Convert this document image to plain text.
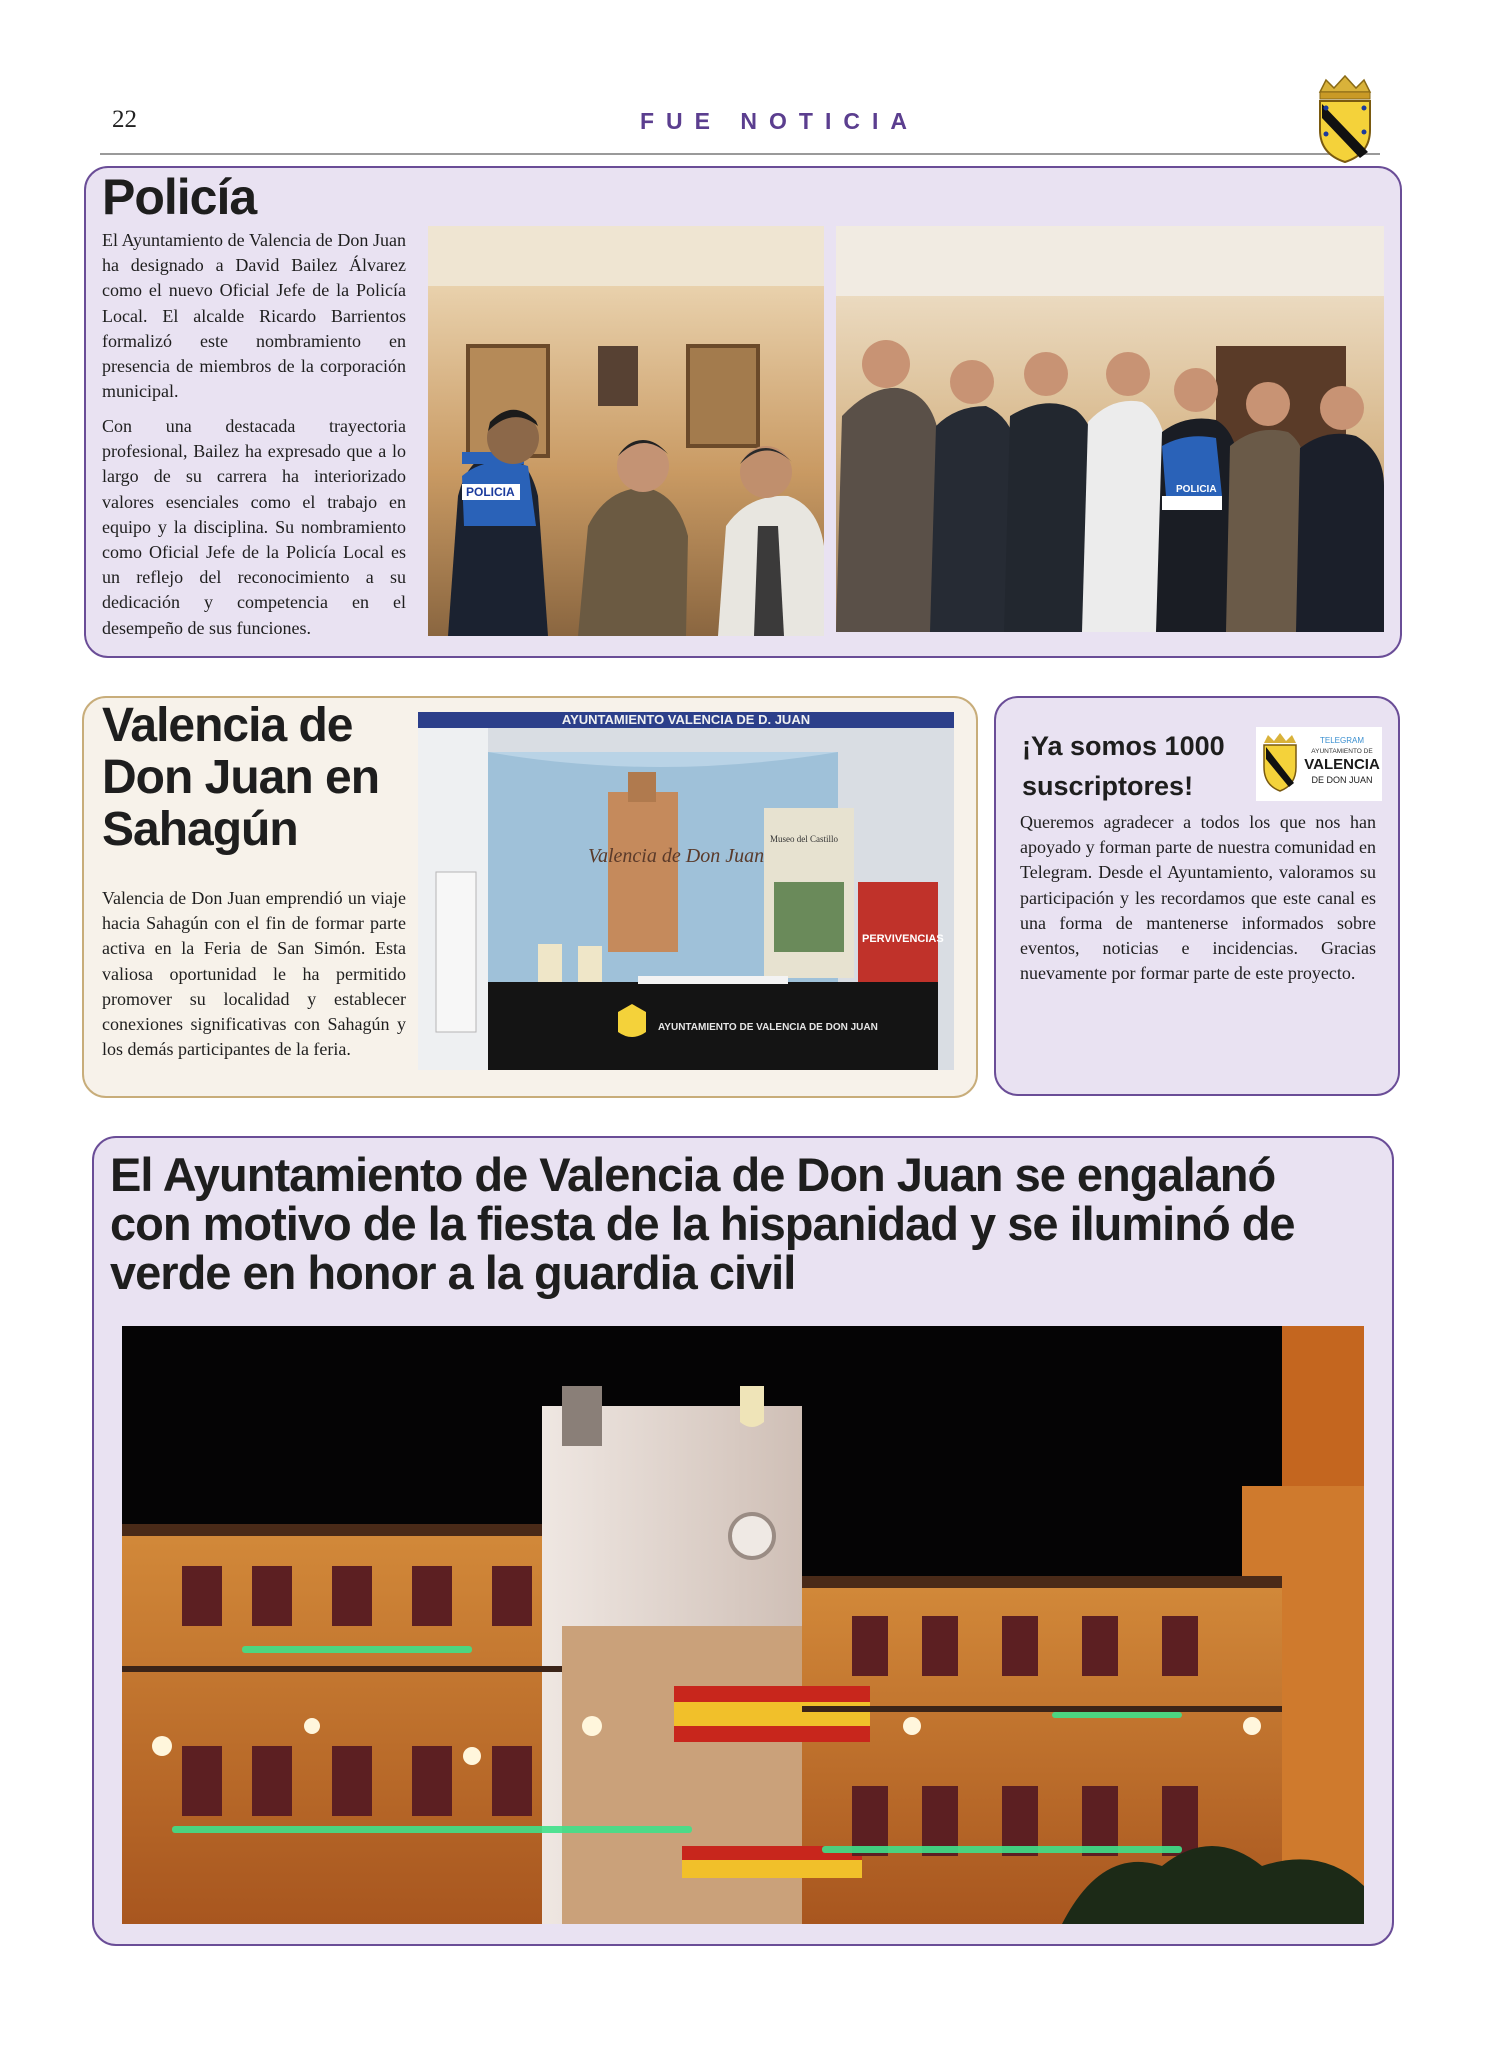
22	FUE NOTICIA
Policía

El Ayuntamiento de Valencia de Don Juan ha designado a David Bailez Álvarez como el nuevo Oficial Jefe de la Policía Local. El alcalde Ricardo Barrientos formalizó este nombramiento en presencia de miembros de la corporación municipal.

Con una destacada trayectoria profesional, Bailez ha expresado que a lo largo de su carrera ha interiorizado valores esenciales como el trabajo en equipo y la disciplina. Su nombramiento como Oficial Jefe de la Policía Local es un reflejo del reconocimiento a su dedicación y competencia en el desempeño de sus funciones.

POLICIA	POLICIA
Valencia de
Don Juan en
Sahagún

Valencia de Don Juan emprendió un viaje hacia Sahagún con el fin de formar parte activa en la Feria de San Simón. Esta valiosa oportunidad le ha permitido promover su localidad y establecer conexiones significativas con Sahagún y los demás participantes de la feria.

AYUNTAMIENTO VALENCIA DE D. JUAN
Valencia de Don Juan
Museo del Castillo
PERVIVENCIAS
AYUNTAMIENTO DE VALENCIA DE DON JUAN
¡Ya somos 1000
suscriptores!
TELEGRAM
AYUNTAMIENTO DE
VALENCIA
DE DON JUAN

Queremos agradecer a todos los que nos han apoyado y forman parte de nuestra comunidad en Telegram. Desde el Ayuntamiento, valoramos su participación y les recordamos que este canal es una forma de mantenerse informados sobre eventos, noticias e incidencias. Gracias nuevamente por formar parte de este proyecto.

El Ayuntamiento de Valencia de Don Juan se engalanó
con motivo de la fiesta de la hispanidad y se iluminó de
verde en honor a la guardia civil
